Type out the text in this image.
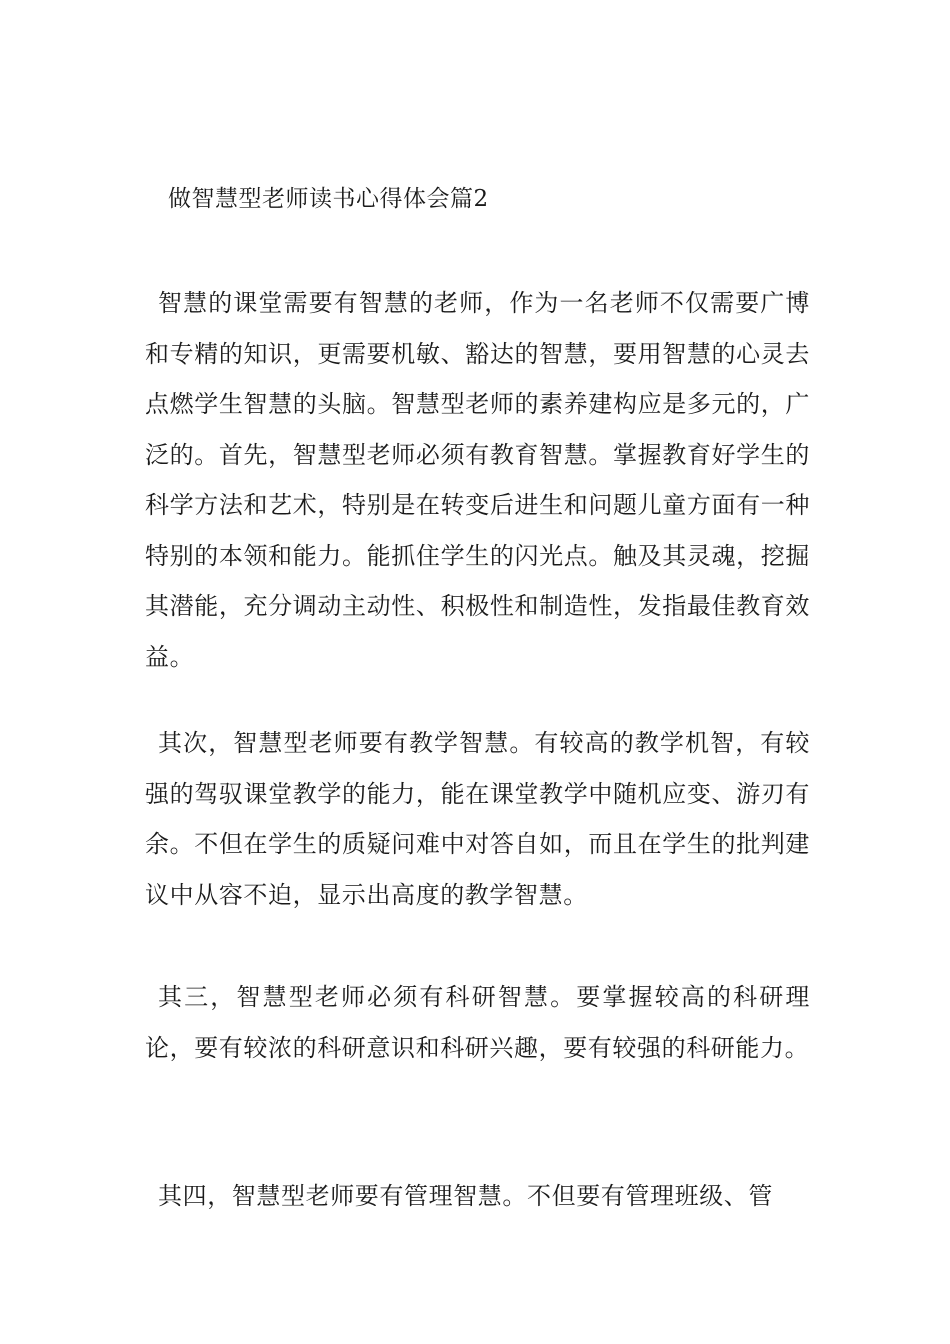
做智慧型老师读书心得体会篇2

智慧的课堂需要有智慧的老师，作为一名老师不仅需要广博和专精的知识，更需要机敏、豁达的智慧，要用智慧的心灵去点燃学生智慧的头脑。智慧型老师的素养建构应是多元的，广泛的。首先，智慧型老师必须有教育智慧。掌握教育好学生的科学方法和艺术，特别是在转变后进生和问题儿童方面有一种特别的本领和能力。能抓住学生的闪光点。触及其灵魂，挖掘其潜能，充分调动主动性、积极性和制造性，发指最佳教育效益。

其次，智慧型老师要有教学智慧。有较高的教学机智，有较强的驾驭课堂教学的能力，能在课堂教学中随机应变、游刃有余。不但在学生的质疑问难中对答自如，而且在学生的批判建议中从容不迫，显示出高度的教学智慧。

其三，智慧型老师必须有科研智慧。要掌握较高的科研理论，要有较浓的科研意识和科研兴趣，要有较强的科研能力。

其四，智慧型老师要有管理智慧。不但要有管理班级、管
